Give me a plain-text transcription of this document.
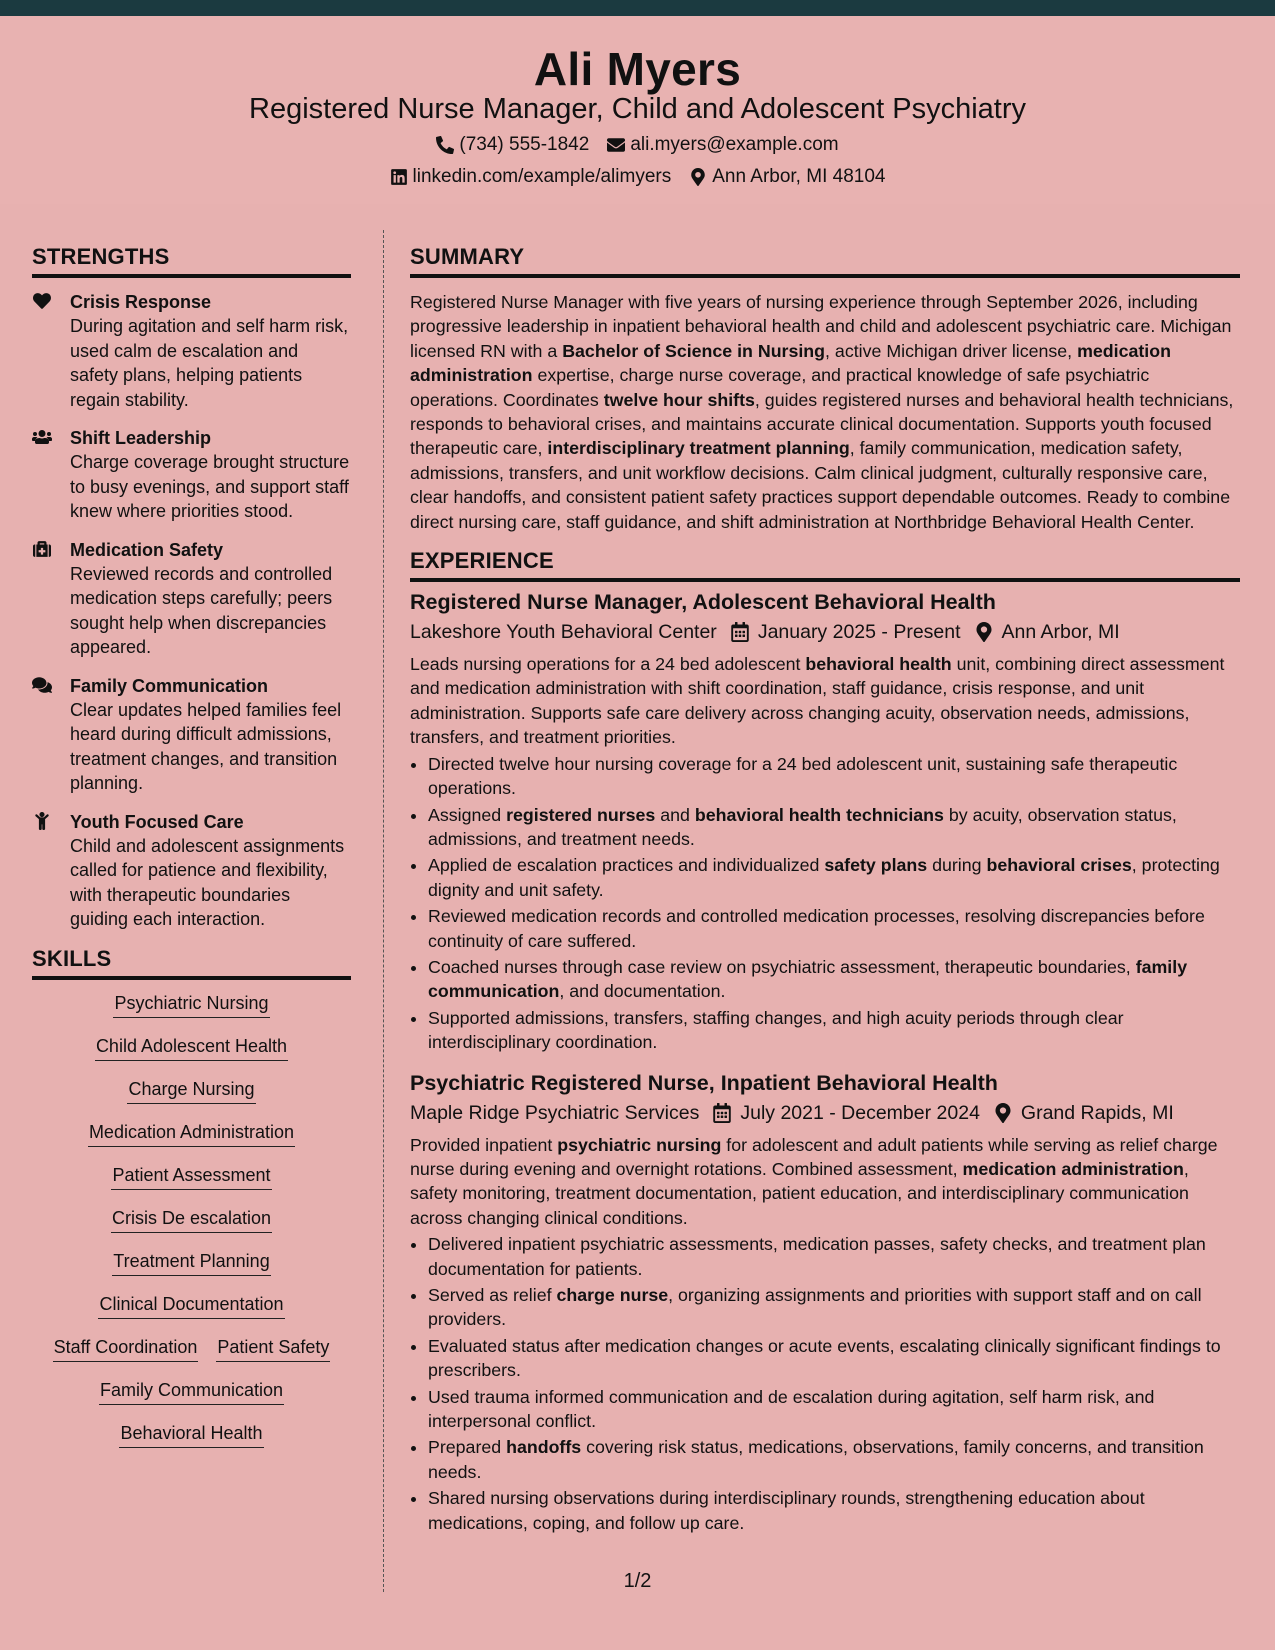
Ali Myers
Registered Nurse Manager, Child and Adolescent Psychiatry
(734) 555-1842 ali.myers@example.com
linkedin.com/example/alimyers Ann Arbor, MI 48104
STRENGTHS
Crisis Response
During agitation and self harm risk, used calm de escalation and safety plans, helping patients regain stability.
Shift Leadership
Charge coverage brought structure to busy evenings, and support staff knew where priorities stood.
Medication Safety
Reviewed records and controlled medication steps carefully; peers sought help when discrepancies appeared.
Family Communication
Clear updates helped families feel heard during difficult admissions, treatment changes, and transition planning.
Youth Focused Care
Child and adolescent assignments called for patience and flexibility, with therapeutic boundaries guiding each interaction.
SKILLS
Psychiatric Nursing
Child Adolescent Health
Charge Nursing
Medication Administration
Patient Assessment
Crisis De escalation
Treatment Planning
Clinical Documentation
Staff Coordination Patient Safety
Family Communication
Behavioral Health
SUMMARY

Registered Nurse Manager with five years of nursing experience through September 2026, including progressive leadership in inpatient behavioral health and child and adolescent psychiatric care. Michigan licensed RN with a Bachelor of Science in Nursing, active Michigan driver license, medication administration expertise, charge nurse coverage, and practical knowledge of safe psychiatric operations. Coordinates twelve hour shifts, guides registered nurses and behavioral health technicians, responds to behavioral crises, and maintains accurate clinical documentation. Supports youth focused therapeutic care, interdisciplinary treatment planning, family communication, medication safety, admissions, transfers, and unit workflow decisions. Calm clinical judgment, culturally responsive care, clear handoffs, and consistent patient safety practices support dependable outcomes. Ready to combine direct nursing care, staff guidance, and shift administration at Northbridge Behavioral Health Center.

EXPERIENCE
Registered Nurse Manager, Adolescent Behavioral Health
Lakeshore Youth Behavioral Center January 2025 - Present Ann Arbor, MI

Leads nursing operations for a 24 bed adolescent behavioral health unit, combining direct assessment and medication administration with shift coordination, staff guidance, crisis response, and unit administration. Supports safe care delivery across changing acuity, observation needs, admissions, transfers, and treatment priorities.

• Directed twelve hour nursing coverage for a 24 bed adolescent unit, sustaining safe therapeutic operations.
• Assigned registered nurses and behavioral health technicians by acuity, observation status, admissions, and treatment needs.
• Applied de escalation practices and individualized safety plans during behavioral crises, protecting dignity and unit safety.
• Reviewed medication records and controlled medication processes, resolving discrepancies before continuity of care suffered.
• Coached nurses through case review on psychiatric assessment, therapeutic boundaries, family communication, and documentation.
• Supported admissions, transfers, staffing changes, and high acuity periods through clear interdisciplinary coordination.
Psychiatric Registered Nurse, Inpatient Behavioral Health
Maple Ridge Psychiatric Services July 2021 - December 2024 Grand Rapids, MI

Provided inpatient psychiatric nursing for adolescent and adult patients while serving as relief charge nurse during evening and overnight rotations. Combined assessment, medication administration, safety monitoring, treatment documentation, patient education, and interdisciplinary communication across changing clinical conditions.

• Delivered inpatient psychiatric assessments, medication passes, safety checks, and treatment plan documentation for patients.
• Served as relief charge nurse, organizing assignments and priorities with support staff and on call providers.
• Evaluated status after medication changes or acute events, escalating clinically significant findings to prescribers.
• Used trauma informed communication and de escalation during agitation, self harm risk, and interpersonal conflict.
• Prepared handoffs covering risk status, medications, observations, family concerns, and transition needs.
• Shared nursing observations during interdisciplinary rounds, strengthening education about medications, coping, and follow up care.
1/2
